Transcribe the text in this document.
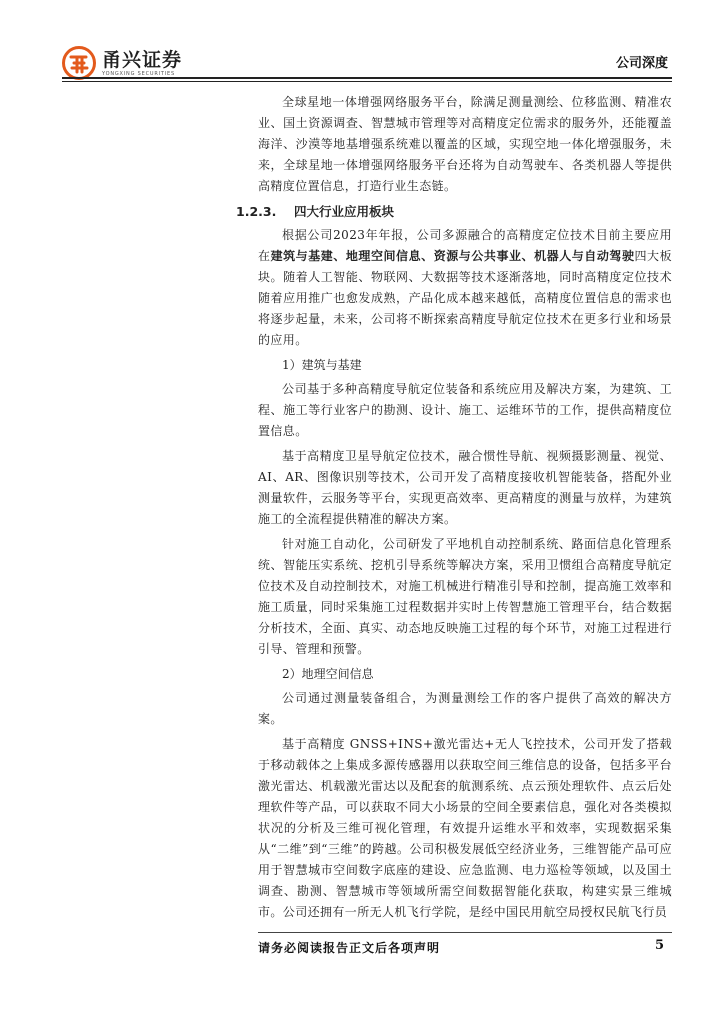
甬兴证券
YONGXING SECURITIES
公司深度

全球星地一体增强网络服务平台，除满足测量测绘、位移监测、精准农业、国土资源调查、智慧城市管理等对高精度定位需求的服务外，还能覆盖海洋、沙漠等地基增强系统难以覆盖的区域，实现空地一体化增强服务，未来，全球星地一体增强网络服务平台还将为自动驾驶车、各类机器人等提供高精度位置信息，打造行业生态链。

1.2.3. 四大行业应用板块

根据公司2023年年报，公司多源融合的高精度定位技术目前主要应用在建筑与基建、地理空间信息、资源与公共事业、机器人与自动驾驶四大板块。随着人工智能、物联网、大数据等技术逐渐落地，同时高精度定位技术随着应用推广也愈发成熟，产品化成本越来越低，高精度位置信息的需求也将逐步起量，未来，公司将不断探索高精度导航定位技术在更多行业和场景的应用。

1）建筑与基建

公司基于多种高精度导航定位装备和系统应用及解决方案，为建筑、工程、施工等行业客户的勘测、设计、施工、运维环节的工作，提供高精度位置信息。

基于高精度卫星导航定位技术，融合惯性导航、视频摄影测量、视觉、AI、AR、图像识别等技术，公司开发了高精度接收机智能装备，搭配外业测量软件，云服务等平台，实现更高效率、更高精度的测量与放样，为建筑施工的全流程提供精准的解决方案。

针对施工自动化，公司研发了平地机自动控制系统、路面信息化管理系统、智能压实系统、挖机引导系统等解决方案，采用卫惯组合高精度导航定位技术及自动控制技术，对施工机械进行精准引导和控制，提高施工效率和施工质量，同时采集施工过程数据并实时上传智慧施工管理平台，结合数据分析技术，全面、真实、动态地反映施工过程的每个环节，对施工过程进行引导、管理和预警。

2）地理空间信息

公司通过测量装备组合，为测量测绘工作的客户提供了高效的解决方案。

基于高精度 GNSS+INS+激光雷达+无人飞控技术，公司开发了搭载于移动载体之上集成多源传感器用以获取空间三维信息的设备，包括多平台激光雷达、机载激光雷达以及配套的航测系统、点云预处理软件、点云后处理软件等产品，可以获取不同大小场景的空间全要素信息，强化对各类模拟状况的分析及三维可视化管理，有效提升运维水平和效率，实现数据采集从“二维”到“三维”的跨越。公司积极发展低空经济业务，三维智能产品可应用于智慧城市空间数字底座的建设、应急监测、电力巡检等领域，以及国土调查、勘测、智慧城市等领域所需空间数据智能化获取，构建实景三维城市。公司还拥有一所无人机飞行学院，是经中国民用航空局授权民航飞行员

请务必阅读报告正文后各项声明	5
